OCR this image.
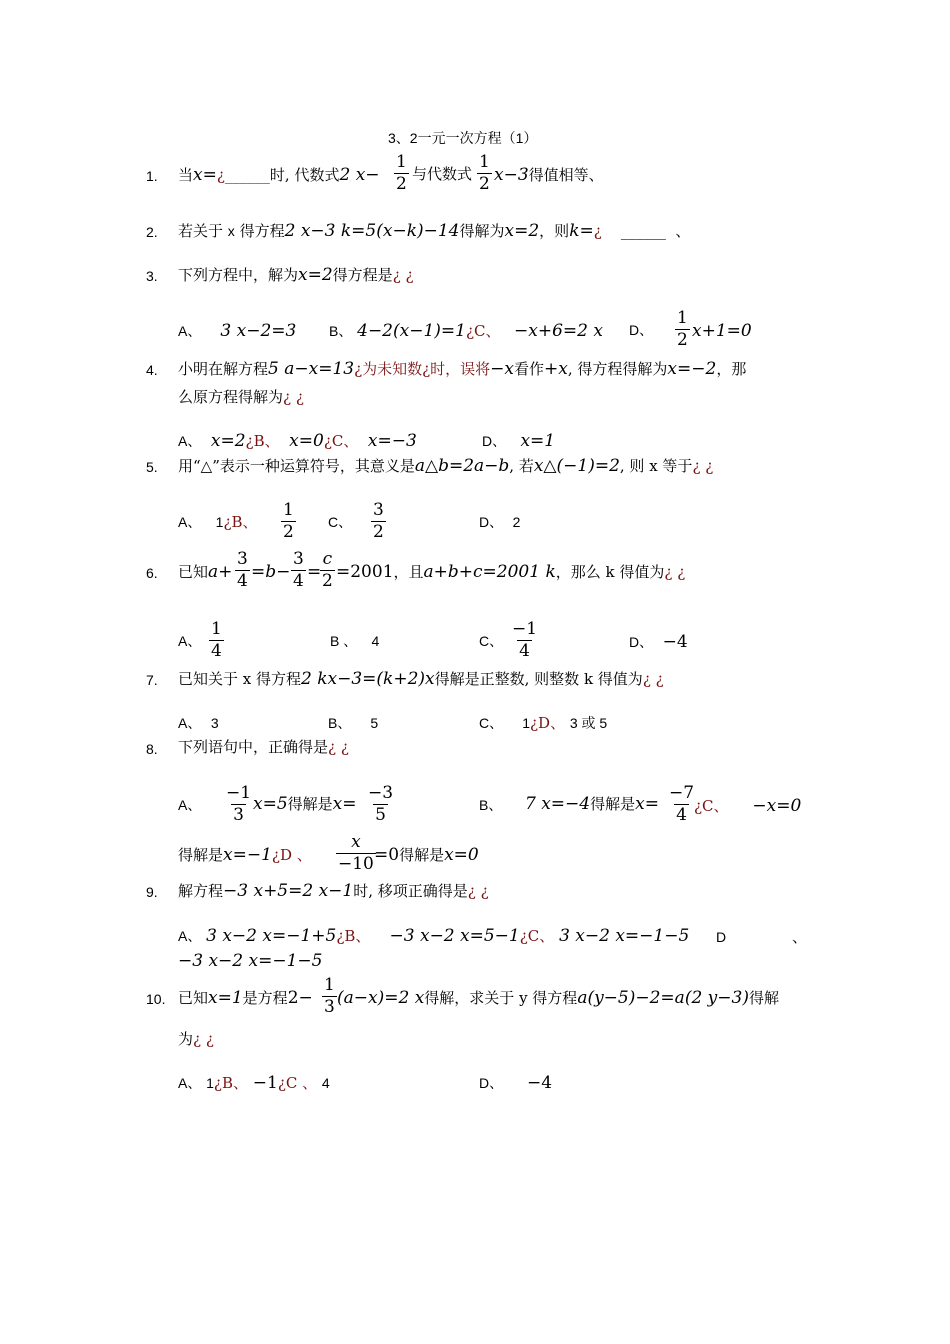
3、2一元一次方程（1）
1. 当x=¿______时, 代数式2 $x- \frac{1}{2}$ 与代数式 $\frac{1}{2} x-3$得值相等、
2. 若关于 x 得方程2 x−3 k=5(x−k)−14得解为x=2，则k=¿ ______ 、
3. 下列方程中，解为x=2得方程是¿ ¿
A、 3 x−2=3 B、 4−2(x−1)=1¿C、 −x+6=2 x D、 $\frac{1}{2} x+1=0$
4. 小明在解方程5 a−x=13¿为未知数¿时，误将−x看作+x, 得方程得解为x=−2，那
么原方程得解为¿ ¿
A、 x=2¿B、 x=0¿C、 x=−3	D、 x=1
5. 用“△”表示一种运算符号，其意义是a△b=2a−b, 若x△(−1)=2, 则 x 等于¿ ¿
A、 1¿B、 $\frac{1}{2}$ C、 $\frac{3}{2}$	D、 2
6. 已知$a+ \frac{3}{4} =b- \frac{3}{4}$ =
$\frac{c}{2} =2001$，且a+b+c=2001 k，那么 k 得值为¿ ¿
A、 $\frac{1}{4}$	B 、 4	C、 $\frac{-1}{4}$	D、 −4
7. 已知关于 x 得方程2 kx−3=(k+2)x得解是正整数, 则整数 k 得值为¿ ¿
A、 3	B、 5	C、 1¿D、 3 或 5
8. 下列语句中，正确得是¿ ¿
A、 $\frac{-1}{3} x=5$得解是$x= \frac{-3}{5}$	B、 7 x=−4得解是$x= \frac{-7}{4}$
¿C、 −x=0
得解是x=−1¿D 、 $\frac{x}{-10}$
=0得解是x=0
9. 解方程−3 x+5=2 x−1时, 移项正确得是¿ ¿
A、 3 x−2 x=−1+5¿B、 −3 x−2 x=5−1¿C、 3 x−2 x=−1−5 D	、
−3 x−2 x=−1−5
10. 已知x=1是方程$2- \frac{1}{3} (a-x)=2$ x得解，求关于 y 得方程a(y−5)−2=a(2 y−3)得解
为¿ ¿
A、 1¿B、 −1¿C 、 4	D、 −4
